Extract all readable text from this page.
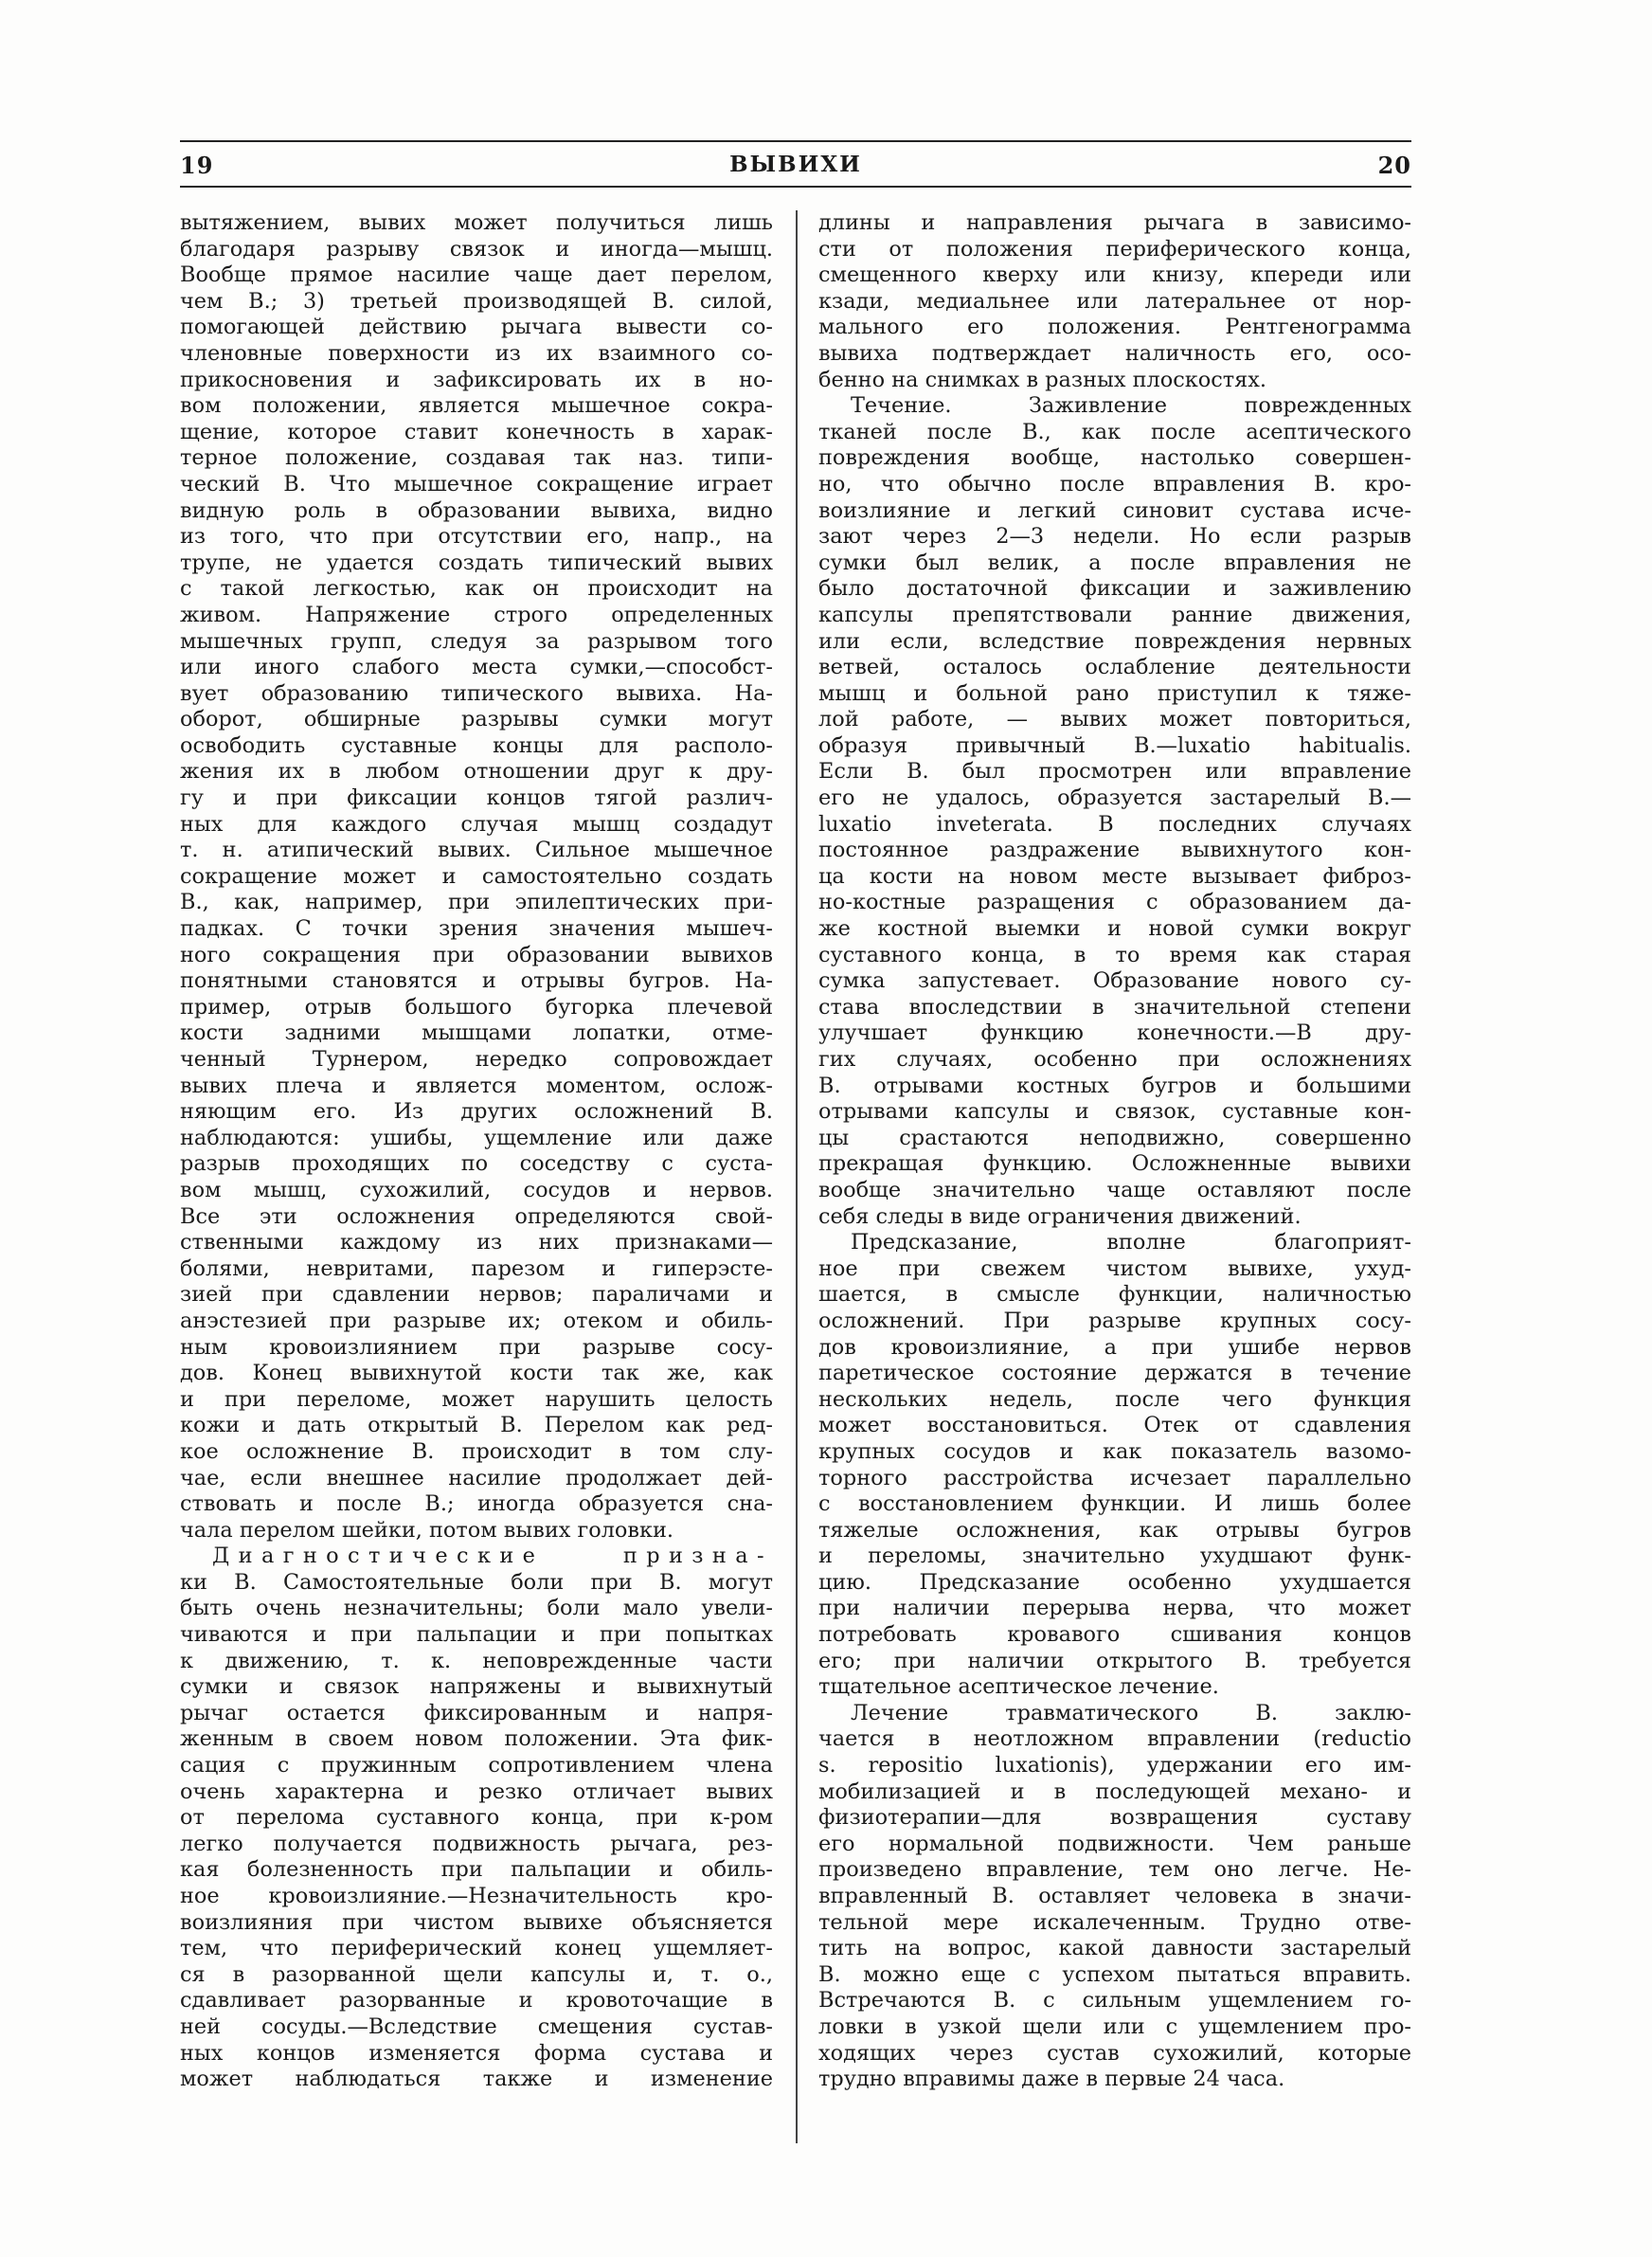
19	ВЫВИХИ	20
вытяжением, вывих может получиться лишь
благодаря разрыву связок и иногда—мышц.
Вообще прямое насилие чаще дает перелом,
чем В.; 3) третьей производящей В. силой,
помогающей действию рычага вывести со-
членовные поверхности из их взаимного со-
прикосновения и зафиксировать их в но-
вом положении, является мышечное сокра-
щение, которое ставит конечность в харак-
терное положение, создавая так наз. типи-
ческий В. Что мышечное сокращение играет
видную роль в образовании вывиха, видно
из того, что при отсутствии его, напр., на
трупе, не удается создать типический вывих
с такой легкостью, как он происходит на
живом. Напряжение строго определенных
мышечных групп, следуя за разрывом того
или иного слабого места сумки,—способст-
вует образованию типического вывиха. На-
оборот, обширные разрывы сумки могут
освободить суставные концы для располо-
жения их в любом отношении друг к дру-
гу и при фиксации концов тягой различ-
ных для каждого случая мышц создадут
т. н. атипический вывих. Сильное мышечное
сокращение может и самостоятельно создать
В., как, например, при эпилептических при-
падках. С точки зрения значения мышеч-
ного сокращения при образовании вывихов
понятными становятся и отрывы бугров. На-
пример, отрыв большого бугорка плечевой
кости задними мышцами лопатки, отме-
ченный Турнером, нередко сопровождает
вывих плеча и является моментом, ослож-
няющим его. Из других осложнений В.
наблюдаются: ушибы, ущемление или даже
разрыв проходящих по соседству с суста-
вом мышц, сухожилий, сосудов и нервов.
Все эти осложнения определяются свой-
ственными каждому из них признаками—
болями, невритами, парезом и гиперэсте-
зией при сдавлении нервов; параличами и
анэстезией при разрыве их; отеком и обиль-
ным кровоизлиянием при разрыве сосу-
дов. Конец вывихнутой кости так же, как
и при переломе, может нарушить целость
кожи и дать открытый В. Перелом как ред-
кое осложнение В. происходит в том слу-
чае, если внешнее насилие продолжает дей-
ствовать и после В.; иногда образуется сна-
чала перелом шейки, потом вывих головки.
Диагностические призна-
ки В. Самостоятельные боли при В. могут
быть очень незначительны; боли мало увели-
чиваются и при пальпации и при попытках
к движению, т. к. неповрежденные части
сумки и связок напряжены и вывихнутый
рычаг остается фиксированным и напря-
женным в своем новом положении. Эта фик-
сация с пружинным сопротивлением члена
очень характерна и резко отличает вывих
от перелома суставного конца, при к-ром
легко получается подвижность рычага, рез-
кая болезненность при пальпации и обиль-
ное кровоизлияние.—Незначительность кро-
воизлияния при чистом вывихе объясняется
тем, что периферический конец ущемляет-
ся в разорванной щели капсулы и, т. о.,
сдавливает разорванные и кровоточащие в
ней сосуды.—Вследствие смещения сустав-
ных концов изменяется форма сустава и
может наблюдаться также и изменение
длины и направления рычага в зависимо-
сти от положения периферического конца,
смещенного кверху или книзу, кпереди или
кзади, медиальнее или латеральнее от нор-
мального его положения. Рентгенограмма
вывиха подтверждает наличность его, осо-
бенно на снимках в разных плоскостях.
Течение. Заживление поврежденных
тканей после В., как после асептического
повреждения вообще, настолько совершен-
но, что обычно после вправления В. кро-
воизлияние и легкий синовит сустава исче-
зают через 2—3 недели. Но если разрыв
сумки был велик, а после вправления не
было достаточной фиксации и заживлению
капсулы препятствовали ранние движения,
или если, вследствие повреждения нервных
ветвей, осталось ослабление деятельности
мышц и больной рано приступил к тяже-
лой работе, — вывих может повториться,
образуя привычный В.—luxatio habitualis.
Если В. был просмотрен или вправление
его не удалось, образуется застарелый В.—
luxatio inveterata. В последних случаях
постоянное раздражение вывихнутого кон-
ца кости на новом месте вызывает фиброз-
но-костные разращения с образованием да-
же костной выемки и новой сумки вокруг
суставного конца, в то время как старая
сумка запустевает. Образование нового су-
става впоследствии в значительной степени
улучшает функцию конечности.—В дру-
гих случаях, особенно при осложнениях
В. отрывами костных бугров и большими
отрывами капсулы и связок, суставные кон-
цы срастаются неподвижно, совершенно
прекращая функцию. Осложненные вывихи
вообще значительно чаще оставляют после
себя следы в виде ограничения движений.
Предсказание, вполне благоприят-
ное при свежем чистом вывихе, ухуд-
шается, в смысле функции, наличностью
осложнений. При разрыве крупных сосу-
дов кровоизлияние, а при ушибе нервов
паретическое состояние держатся в течение
нескольких недель, после чего функция
может восстановиться. Отек от сдавления
крупных сосудов и как показатель вазомо-
торного расстройства исчезает параллельно
с восстановлением функции. И лишь более
тяжелые осложнения, как отрывы бугров
и переломы, значительно ухудшают функ-
цию. Предсказание особенно ухудшается
при наличии перерыва нерва, что может
потребовать кровавого сшивания концов
его; при наличии открытого В. требуется
тщательное асептическое лечение.
Лечение травматического В. заклю-
чается в неотложном вправлении (reductio
s. repositio luxationis), удержании его им-
мобилизацией и в последующей механо- и
физиотерапии—для возвращения суставу
его нормальной подвижности. Чем раньше
произведено вправление, тем оно легче. Не-
вправленный В. оставляет человека в значи-
тельной мере искалеченным. Трудно отве-
тить на вопрос, какой давности застарелый
В. можно еще с успехом пытаться вправить.
Встречаются В. с сильным ущемлением го-
ловки в узкой щели или с ущемлением про-
ходящих через сустав сухожилий, которые
трудно вправимы даже в первые 24 часа.
